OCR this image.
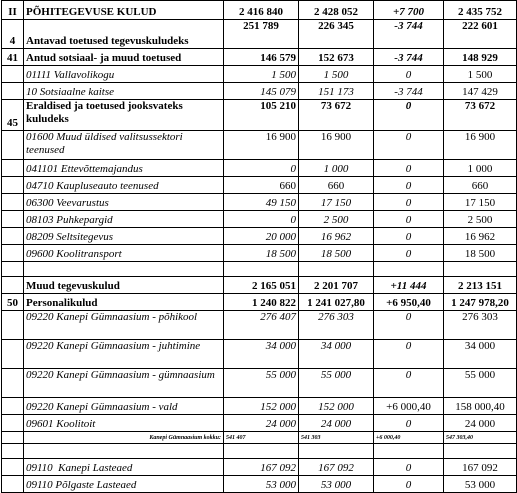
II	PÕHITEGEVUSE KULUD	2 416 840	2 428 052	+7 700	2 435 752
4	Antavad toetused tegevuskuludeks	251 789	226 345	-3 744	222 601
41	Antud sotsiaal- ja muud toetused	146 579	152 673	-3 744	148 929
	01111 Vallavolikogu	1 500	1 500	0	1 500
	10 Sotsiaalne kaitse	145 079	151 173	-3 744	147 429
45	Eraldised ja toetused jooksvateks kuludeks	105 210	73 672	0	73 672
	01600 Muud üldised valitsussektori teenused	16 900	16 900	0	16 900
	041101 Ettevõttemajandus	0	1 000	0	1 000
	04710 Kaupluseauto teenused	660	660	0	660
	06300 Veevarustus	49 150	17 150	0	17 150
	08103 Puhkepargid	0	2 500	0	2 500
	08209 Seltsitegevus	20 000	16 962	0	16 962
	09600 Koolitransport	18 500	18 500	0	18 500

	Muud tegevuskulud	2 165 051	2 201 707	+11 444	2 213 151
50	Personalikulud	1 240 822	1 241 027,80	+6 950,40	1 247 978,20
	09220 Kanepi Gümnaasium - põhikool	276 407	276 303	0	276 303
	09220 Kanepi Gümnaasium - juhtimine	34 000	34 000	0	34 000
	09220 Kanepi Gümnaasium - gümnaasium	55 000	55 000	0	55 000
	09220 Kanepi Gümnaasium - vald	152 000	152 000	+6 000,40	158 000,40
	09601 Koolitoit	24 000	24 000	0	24 000
	Kanepi Gümnaasium kokku:	541 407	541 303	+6 000,40	547 303,40

	09110  Kanepi Lasteaed	167 092	167 092	0	167 092
	09110 Põlgaste Lasteaed	53 000	53 000	0	53 000
